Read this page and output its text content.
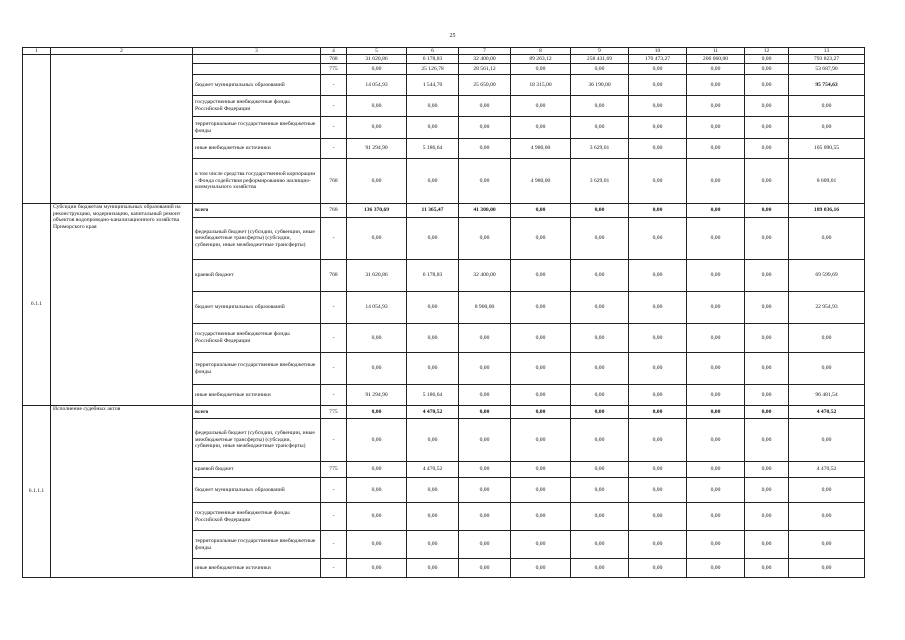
25
1	2	3	4	5	6	7	8	9	10	11	12	13
			768	31 020,86	6 178,83	32 400,00	89 263,12	258 431,69	170 473,27	206 060,00	0,00	793 823,27
			775	0,00	25 126,78	28 561,12	0,00	0,00	0,00	0,00	0,00	53 687,90
		бюджет муниципальных образований	-	14 054,93	1 544,70	25 650,00	18 315,00	36 190,00	0,00	0,00	0,00	95 754,63
		государственные внебюджетные фонды Российской Федерации	-	0,00	0,00	0,00	0,00	0,00	0,00	0,00	0,00	0,00
		территориальные государственные внебюджетные фонды	-	0,00	0,00	0,00	0,00	0,00	0,00	0,00	0,00	0,00
		иные внебюджетные источники	-	91 294,90	5 186,64	0,00	4 980,00	3 629,01	0,00	0,00	0,00	105 090,55
		в том числе средства государственной корпорации - Фонда содействия реформированию жилищно-коммунального хозяйства	768	0,00	0,00	0,00	4 980,00	3 629,01	0,00	0,00	0,00	8 609,01
6.1.1	Субсидии бюджетам муниципальных образований на реконструкцию, модернизацию, капитальный ремонт объектов водопроводно-канализационного хозяйства Приморского края	всего	768	136 370,69	11 365,47	41 300,00	0,00	0,00	0,00	0,00	0,00	189 036,16
		федеральный бюджет (субсидии, субвенции, иные межбюджетные трансферты) (субсидии, субвенции, иные межбюджетные трансферты)	-	0,00	0,00	0,00	0,00	0,00	0,00	0,00	0,00	0,00
		краевой бюджет	768	31 020,86	6 178,83	32 400,00	0,00	0,00	0,00	0,00	0,00	69 599,69
		бюджет муниципальных образований	-	14 054,93	0,00	8 900,00	0,00	0,00	0,00	0,00	0,00	22 954,93
		государственные внебюджетные фонды Российской Федерации	-	0,00	0,00	0,00	0,00	0,00	0,00	0,00	0,00	0,00
		территориальные государственные внебюджетные фонды	-	0,00	0,00	0,00	0,00	0,00	0,00	0,00	0,00	0,00
		иные внебюджетные источники	-	91 294,90	5 186,64	0,00	0,00	0,00	0,00	0,00	0,00	96 481,54
6.1.1.1	Исполнение судебных актов	всего	775	0,00	4 470,52	0,00	0,00	0,00	0,00	0,00	0,00	4 470,52
		федеральный бюджет (субсидии, субвенции, иные межбюджетные трансферты) (субсидии, субвенции, иные межбюджетные трансферты)	-	0,00	0,00	0,00	0,00	0,00	0,00	0,00	0,00	0,00
		краевой бюджет	775	0,00	4 470,52	0,00	0,00	0,00	0,00	0,00	0,00	4 470,52
		бюджет муниципальных образований	-	0,00	0,00	0,00	0,00	0,00	0,00	0,00	0,00	0,00
		государственные внебюджетные фонды Российской Федерации	-	0,00	0,00	0,00	0,00	0,00	0,00	0,00	0,00	0,00
		территориальные государственные внебюджетные фонды	-	0,00	0,00	0,00	0,00	0,00	0,00	0,00	0,00	0,00
		иные внебюджетные источники	-	0,00	0,00	0,00	0,00	0,00	0,00	0,00	0,00	0,00
